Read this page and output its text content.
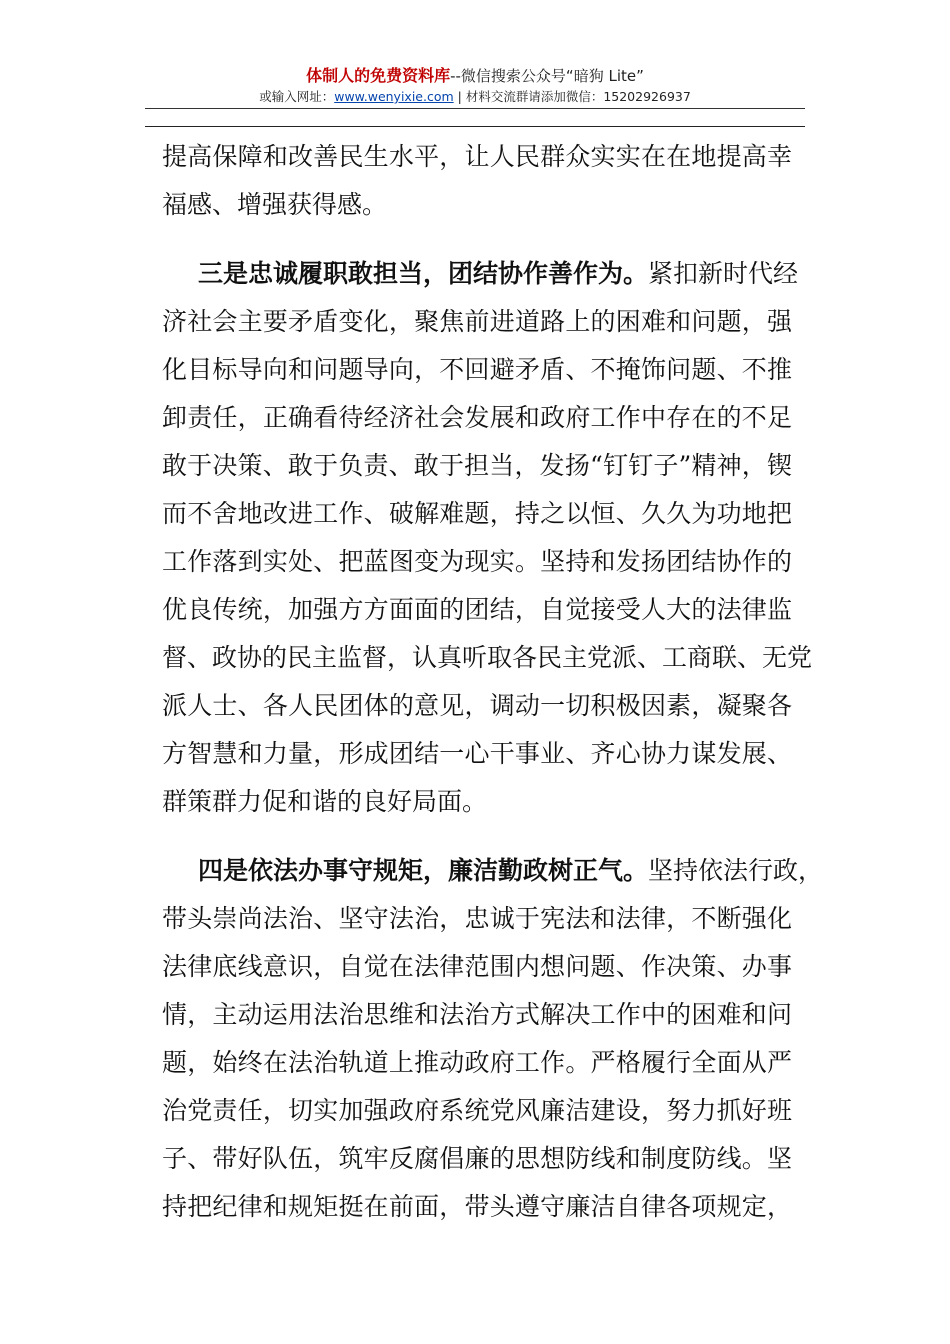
体制人的免费资料库--微信搜索公众号“暗狗 Lite”
或输入网址：www.wenyixie.com | 材料交流群请添加微信：15202926937
提高保障和改善民生水平，让人民群众实实在在地提高幸
福感、增强获得感。
三是忠诚履职敢担当，团结协作善作为。紧扣新时代经
济社会主要矛盾变化，聚焦前进道路上的困难和问题，强
化目标导向和问题导向，不回避矛盾、不掩饰问题、不推
卸责任，正确看待经济社会发展和政府工作中存在的不足
敢于决策、敢于负责、敢于担当，发扬“钉钉子”精神，锲
而不舍地改进工作、破解难题，持之以恒、久久为功地把
工作落到实处、把蓝图变为现实。坚持和发扬团结协作的
优良传统，加强方方面面的团结，自觉接受人大的法律监
督、政协的民主监督，认真听取各民主党派、工商联、无党
派人士、各人民团体的意见，调动一切积极因素，凝聚各
方智慧和力量，形成团结一心干事业、齐心协力谋发展、
群策群力促和谐的良好局面。
四是依法办事守规矩，廉洁勤政树正气。坚持依法行政，
带头崇尚法治、坚守法治，忠诚于宪法和法律，不断强化
法律底线意识，自觉在法律范围内想问题、作决策、办事
情，主动运用法治思维和法治方式解决工作中的困难和问
题，始终在法治轨道上推动政府工作。严格履行全面从严
治党责任，切实加强政府系统党风廉洁建设，努力抓好班
子、带好队伍，筑牢反腐倡廉的思想防线和制度防线。坚
持把纪律和规矩挺在前面，带头遵守廉洁自律各项规定，
